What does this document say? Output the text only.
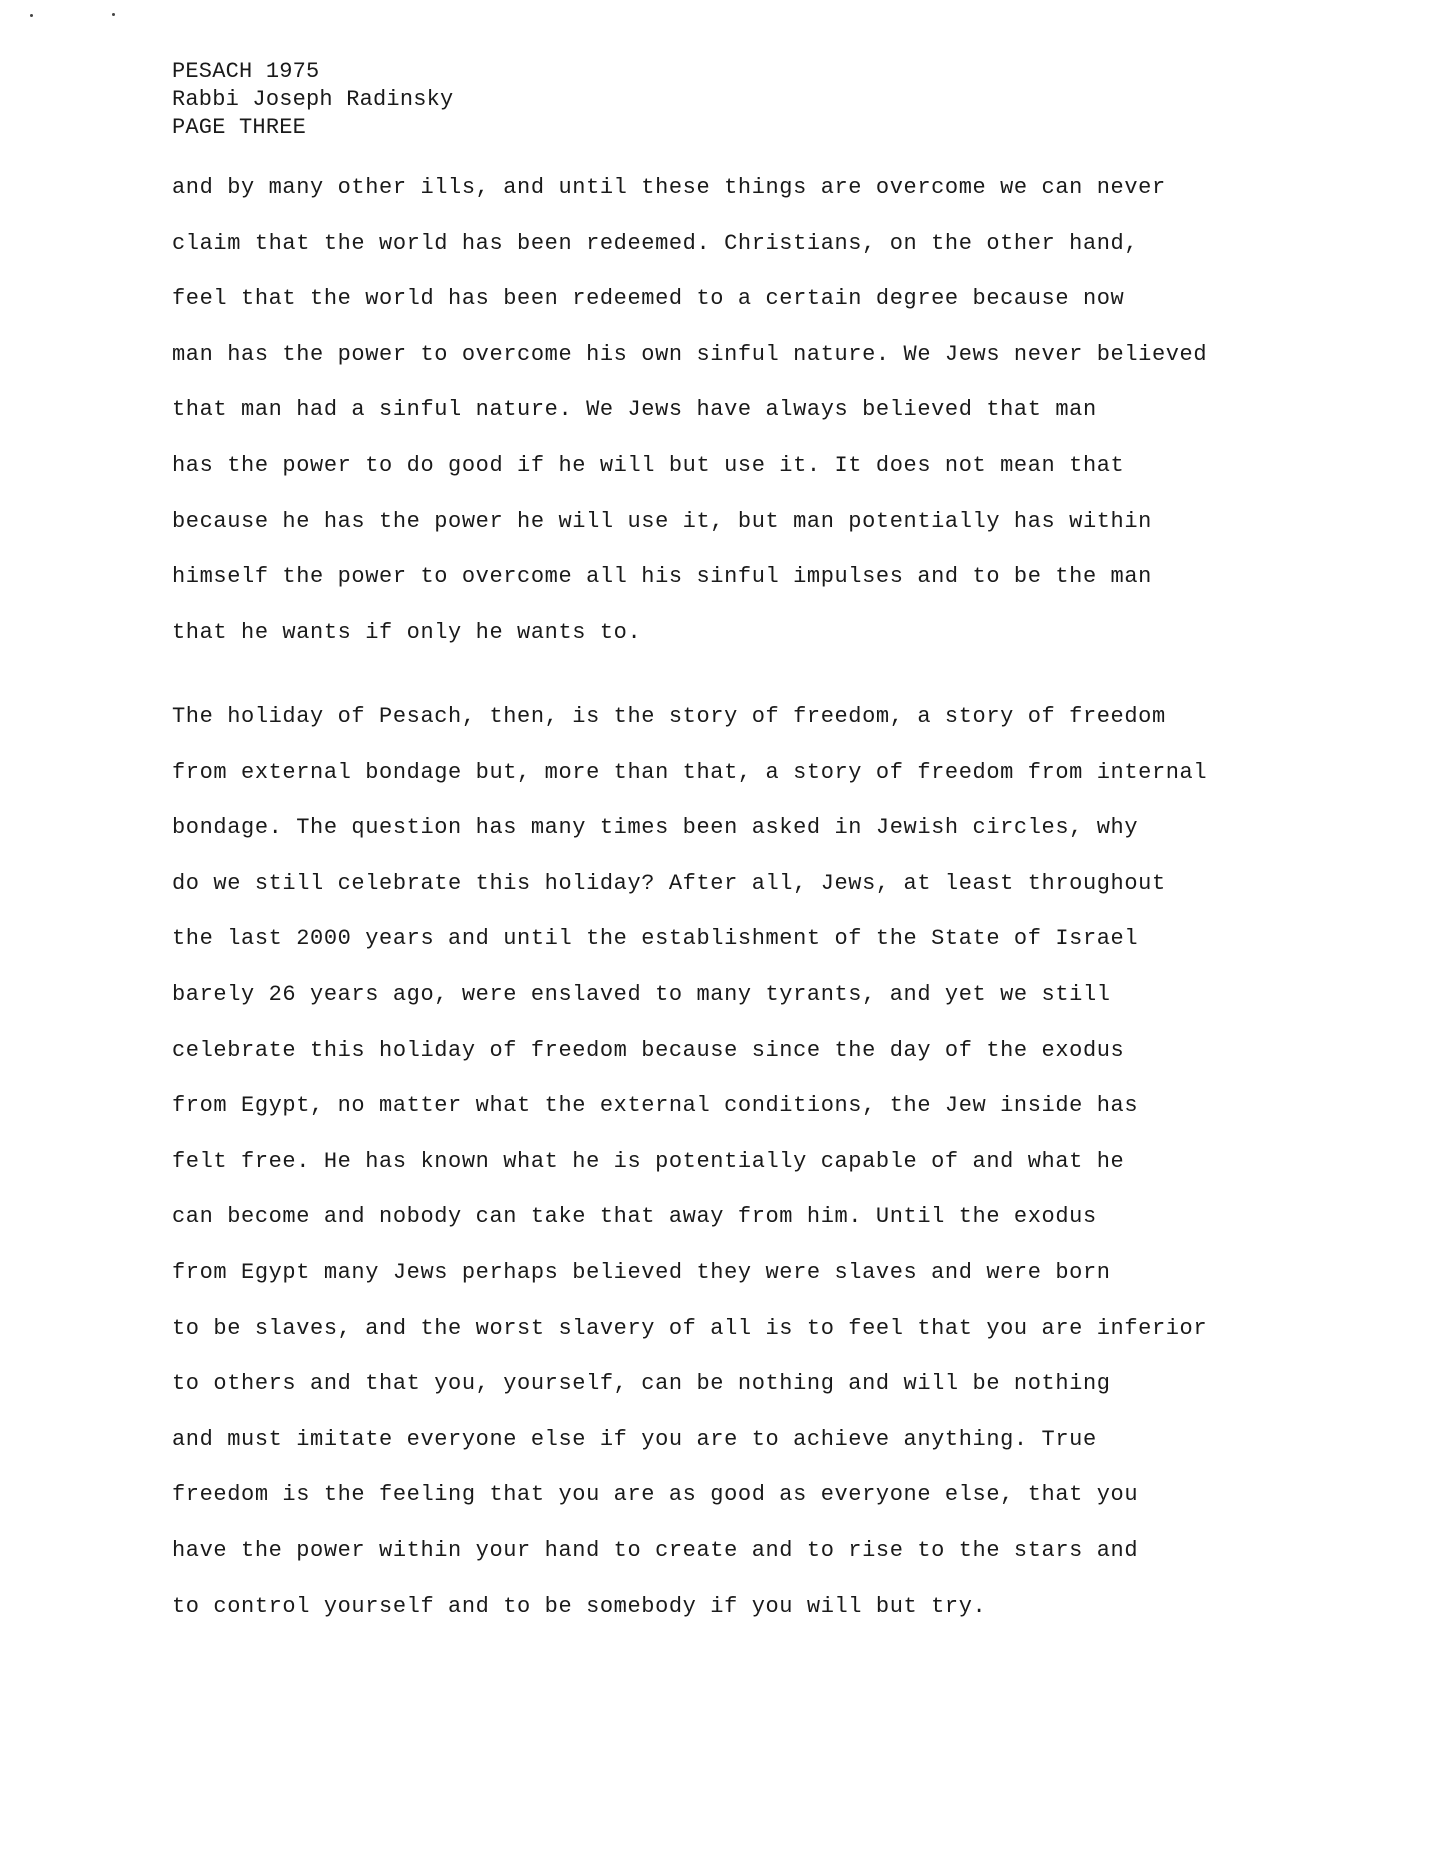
PESACH 1975
Rabbi Joseph Radinsky
PAGE THREE
and by many other ills, and until these things are overcome we can never
claim that the world has been redeemed. Christians, on the other hand,
feel that the world has been redeemed to a certain degree because now
man has the power to overcome his own sinful nature. We Jews never believed
that man had a sinful nature. We Jews have always believed that man
has the power to do good if he will but use it. It does not mean that
because he has the power he will use it, but man potentially has within
himself the power to overcome all his sinful impulses and to be the man
that he wants if only he wants to.
The holiday of Pesach, then, is the story of freedom, a story of freedom
from external bondage but, more than that, a story of freedom from internal
bondage. The question has many times been asked in Jewish circles, why
do we still celebrate this holiday? After all, Jews, at least throughout
the last 2000 years and until the establishment of the State of Israel
barely 26 years ago, were enslaved to many tyrants, and yet we still
celebrate this holiday of freedom because since the day of the exodus
from Egypt, no matter what the external conditions, the Jew inside has
felt free. He has known what he is potentially capable of and what he
can become and nobody can take that away from him. Until the exodus
from Egypt many Jews perhaps believed they were slaves and were born
to be slaves, and the worst slavery of all is to feel that you are inferior
to others and that you, yourself, can be nothing and will be nothing
and must imitate everyone else if you are to achieve anything. True
freedom is the feeling that you are as good as everyone else, that you
have the power within your hand to create and to rise to the stars and
to control yourself and to be somebody if you will but try.
